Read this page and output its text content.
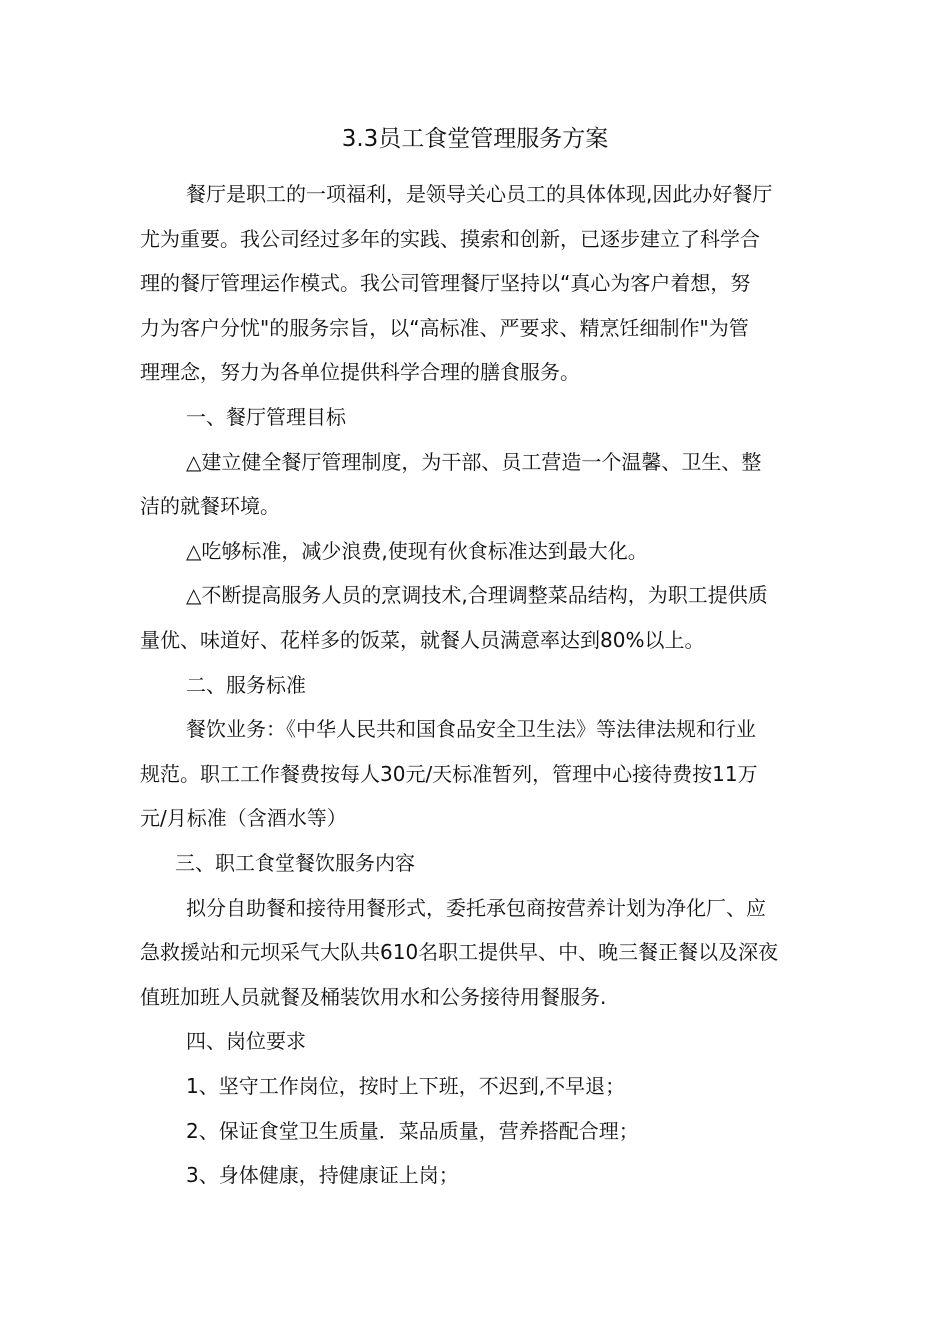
3.3员工食堂管理服务方案
餐厅是职工的一项福利，是领导关心员工的具体体现,因此办好餐厅
尤为重要。我公司经过多年的实践、摸索和创新，已逐步建立了科学合
理的餐厅管理运作模式。我公司管理餐厅坚持以“真心为客户着想，努
力为客户分忧"的服务宗旨，以“高标准、严要求、精烹饪细制作"为管
理理念，努力为各单位提供科学合理的膳食服务。
一、餐厅管理目标
△建立健全餐厅管理制度，为干部、员工营造一个温馨、卫生、整
洁的就餐环境。
△吃够标准，减少浪费,使现有伙食标准达到最大化。
△不断提高服务人员的烹调技术,合理调整菜品结构，为职工提供质
量优、味道好、花样多的饭菜，就餐人员满意率达到80%以上。
二、服务标准
餐饮业务：《中华人民共和国食品安全卫生法》等法律法规和行业
规范。职工工作餐费按每人30元/天标准暂列，管理中心接待费按11万
元/月标准（含酒水等）
三、职工食堂餐饮服务内容
拟分自助餐和接待用餐形式，委托承包商按营养计划为净化厂、应
急救援站和元坝采气大队共610名职工提供早、中、晚三餐正餐以及深夜
值班加班人员就餐及桶装饮用水和公务接待用餐服务.
四、岗位要求
1、坚守工作岗位，按时上下班，不迟到,不早退；
2、保证食堂卫生质量．菜品质量，营养搭配合理；
3、身体健康，持健康证上岗；
